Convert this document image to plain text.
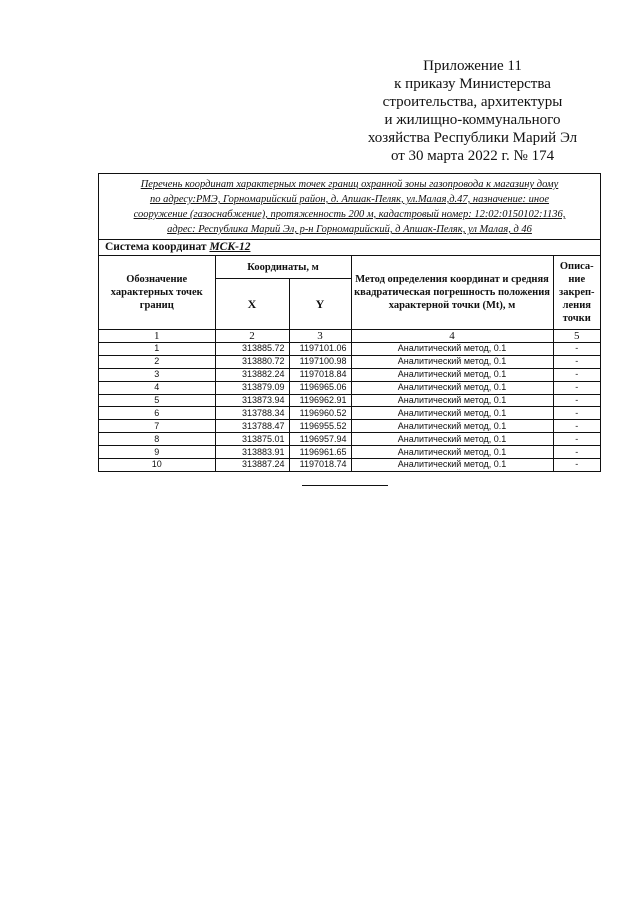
Приложение 11
к приказу Министерства
строительства, архитектуры
и жилищно-коммунального
хозяйства Республики Марий Эл
от 30 марта 2022 г. № 174
Перечень координат характерных точек границ охранной зоны газопровода к магазину дому
по адресу:РМЭ, Горномарийский район, д. Апшак-Пеляк, ул.Малая,д.47, назначение: иное
сооружение (газоснабжение), протяженность 200 м, кадастровый номер: 12:02:0150102:1136,
адрес: Республика Марий Эл, р-н Горномарийский, д Апшак-Пеляк, ул Малая, д 46
Система координат МСК-12
Обозначение характерных точек границ	Координаты, м		Метод определения координат и средняя квадратическая погрешность положения характерной точки (Mt), м	Описа-ние закреп-ления точки
	X	Y		
1	2	3	4	5
1	313885.72	1197101.06	Аналитический метод, 0.1	-
2	313880.72	1197100.98	Аналитический метод, 0.1	-
3	313882.24	1197018.84	Аналитический метод, 0.1	-
4	313879.09	1196965.06	Аналитический метод, 0.1	-
5	313873.94	1196962.91	Аналитический метод, 0.1	-
6	313788.34	1196960.52	Аналитический метод, 0.1	-
7	313788.47	1196955.52	Аналитический метод, 0.1	-
8	313875.01	1196957.94	Аналитический метод, 0.1	-
9	313883.91	1196961.65	Аналитический метод, 0.1	-
10	313887.24	1197018.74	Аналитический метод, 0.1	-
